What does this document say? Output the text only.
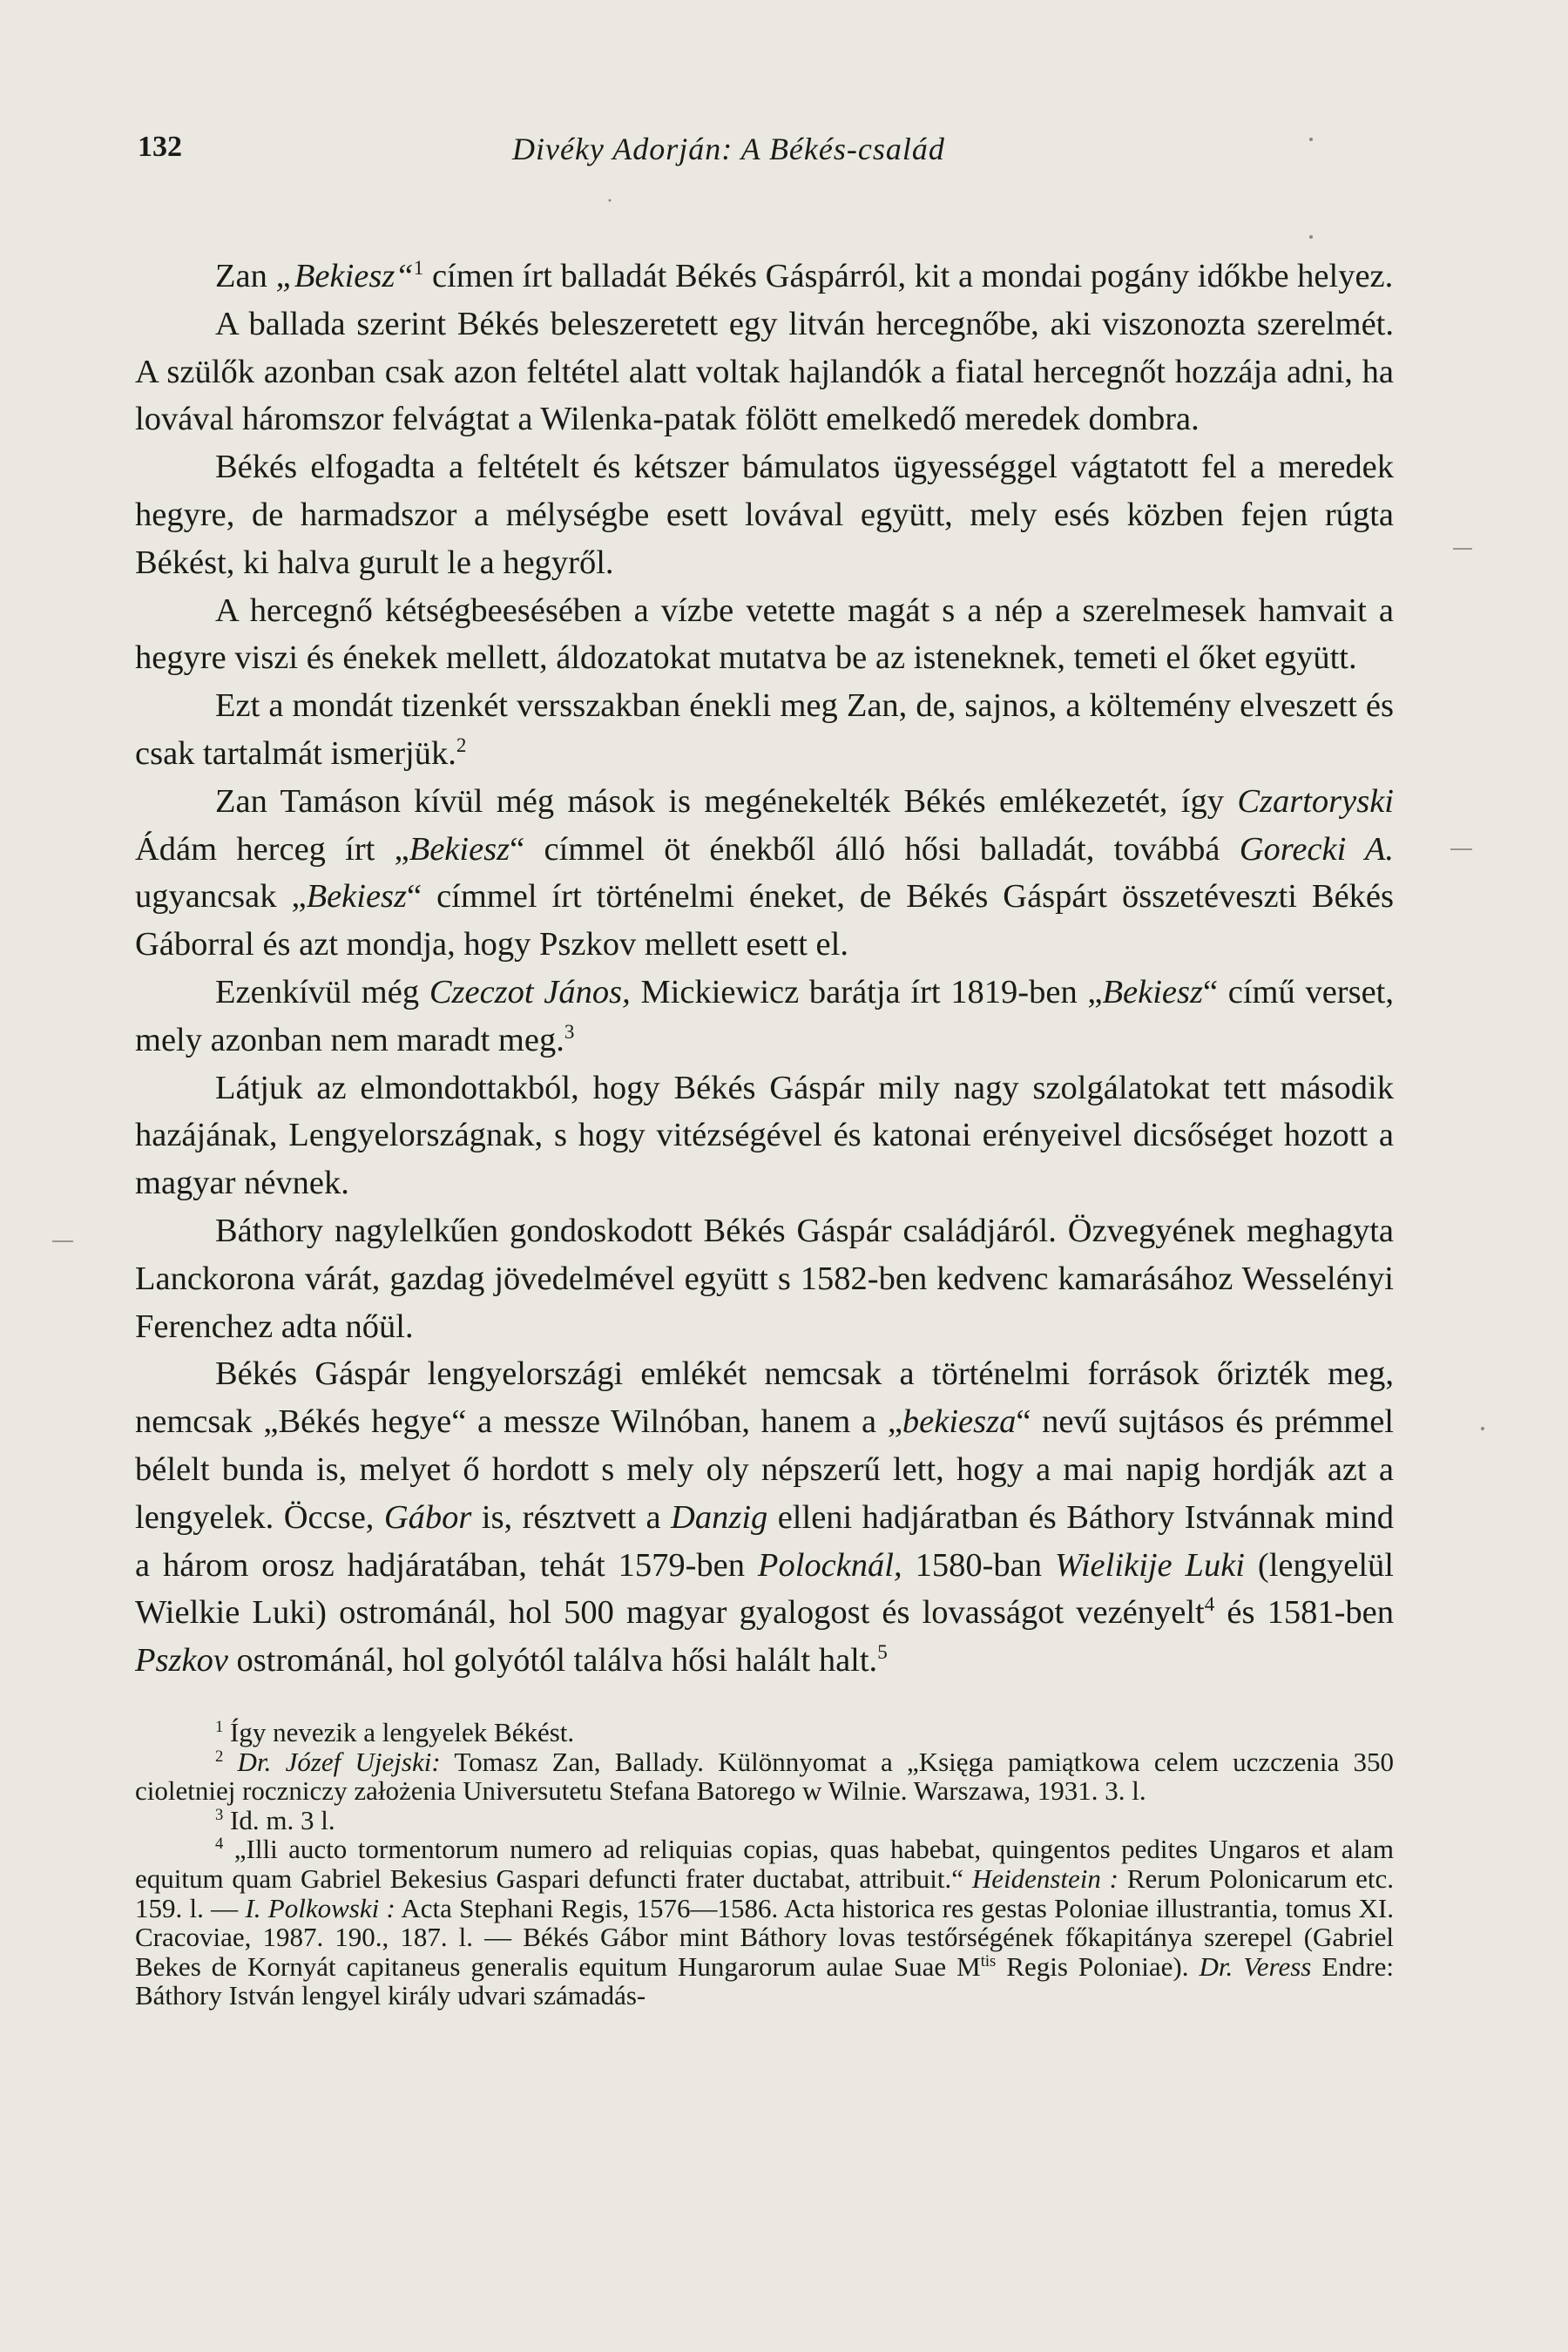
132	Divéky Adorján: A Békés-család

Zan „Bekiesz“$^1$ címen írt balladát Békés Gáspárról, kit a mondai pogány időkbe helyez.

A ballada szerint Békés beleszeretett egy litván hercegnőbe, aki viszonozta szerelmét. A szülők azonban csak azon feltétel alatt voltak hajlandók a fiatal hercegnőt hozzája adni, ha lovával háromszor felvágtat a Wilenka-patak fölött emelkedő meredek dombra.

Békés elfogadta a feltételt és kétszer bámulatos ügyességgel vágtatott fel a meredek hegyre, de harmadszor a mélységbe esett lovával együtt, mely esés közben fejen rúgta Békést, ki halva gurult le a hegyről.

A hercegnő kétségbeesésében a vízbe vetette magát s a nép a szerelmesek hamvait a hegyre viszi és énekek mellett, áldozatokat mutatva be az isteneknek, temeti el őket együtt.

Ezt a mondát tizenkét versszakban énekli meg Zan, de, sajnos, a költemény elveszett és csak tartalmát ismerjük.$^2$

Zan Tamáson kívül még mások is megénekelték Békés emlékezetét, így Czartoryski Ádám herceg írt „Bekiesz“ címmel öt énekből álló hősi balladát, továbbá Gorecki A. ugyancsak „Bekiesz“ címmel írt történelmi éneket, de Békés Gáspárt összetéveszti Békés Gáborral és azt mondja, hogy Pszkov mellett esett el.

Ezenkívül még Czeczot János, Mickiewicz barátja írt 1819-ben „Bekiesz“ című verset, mely azonban nem maradt meg.$^3$

Látjuk az elmondottakból, hogy Békés Gáspár mily nagy szolgálatokat tett második hazájának, Lengyelországnak, s hogy vitézségével és katonai erényeivel dicsőséget hozott a magyar névnek.

Báthory nagylelkűen gondoskodott Békés Gáspár családjáról. Özvegyének meghagyta Lanckorona várát, gazdag jövedelmével együtt s 1582-ben kedvenc kamarásához Wesselényi Ferenchez adta nőül.

Békés Gáspár lengyelországi emlékét nemcsak a történelmi források őrizték meg, nemcsak „Békés hegye“ a messze Wilnóban, hanem a „bekiesza“ nevű sujtásos és prémmel bélelt bunda is, melyet ő hordott s mely oly népszerű lett, hogy a mai napig hordják azt a lengyelek. Öccse, Gábor is, résztvett a Danzig elleni hadjáratban és Báthory Istvánnak mind a három orosz hadjáratában, tehát 1579-ben Polocknál, 1580-ban Wielikije Luki (lengyelül Wielkie Luki) ostrománál, hol 500 magyar gyalogost és lovasságot vezényelt$^4$ és 1581-ben Pszkov ostrománál, hol golyótól találva hősi halált halt.$^5$

$^1$ Így nevezik a lengyelek Békést.

$^2$ Dr. Józef Ujejski: Tomasz Zan, Ballady. Különnyomat a „Księga pamiątkowa celem uczczenia 350 cioletniej roczniczy założenia Universutetu Stefana Batorego w Wilnie. Warszawa, 1931. 3. l.

$^3$ Id. m. 3 l.

$^4$ „Illi aucto tormentorum numero ad reliquias copias, quas habebat, quingentos pedites Ungaros et alam equitum quam Gabriel Bekesius Gaspari defuncti frater ductabat, attribuit.“ Heidenstein : Rerum Polonicarum etc. 159. l. — I. Polkowski : Acta Stephani Regis, 1576—1586. Acta historica res gestas Poloniae illustrantia, tomus XI. Cracoviae, 1987. 190., 187. l. — Békés Gábor mint Báthory lovas testőrségének főkapitánya szerepel (Gabriel Bekes de Kornyát capitaneus generalis equitum Hungarorum aulae Suae $M^{tis}$ Regis Poloniae). Dr. Veress Endre: Báthory István lengyel király udvari számadás-
